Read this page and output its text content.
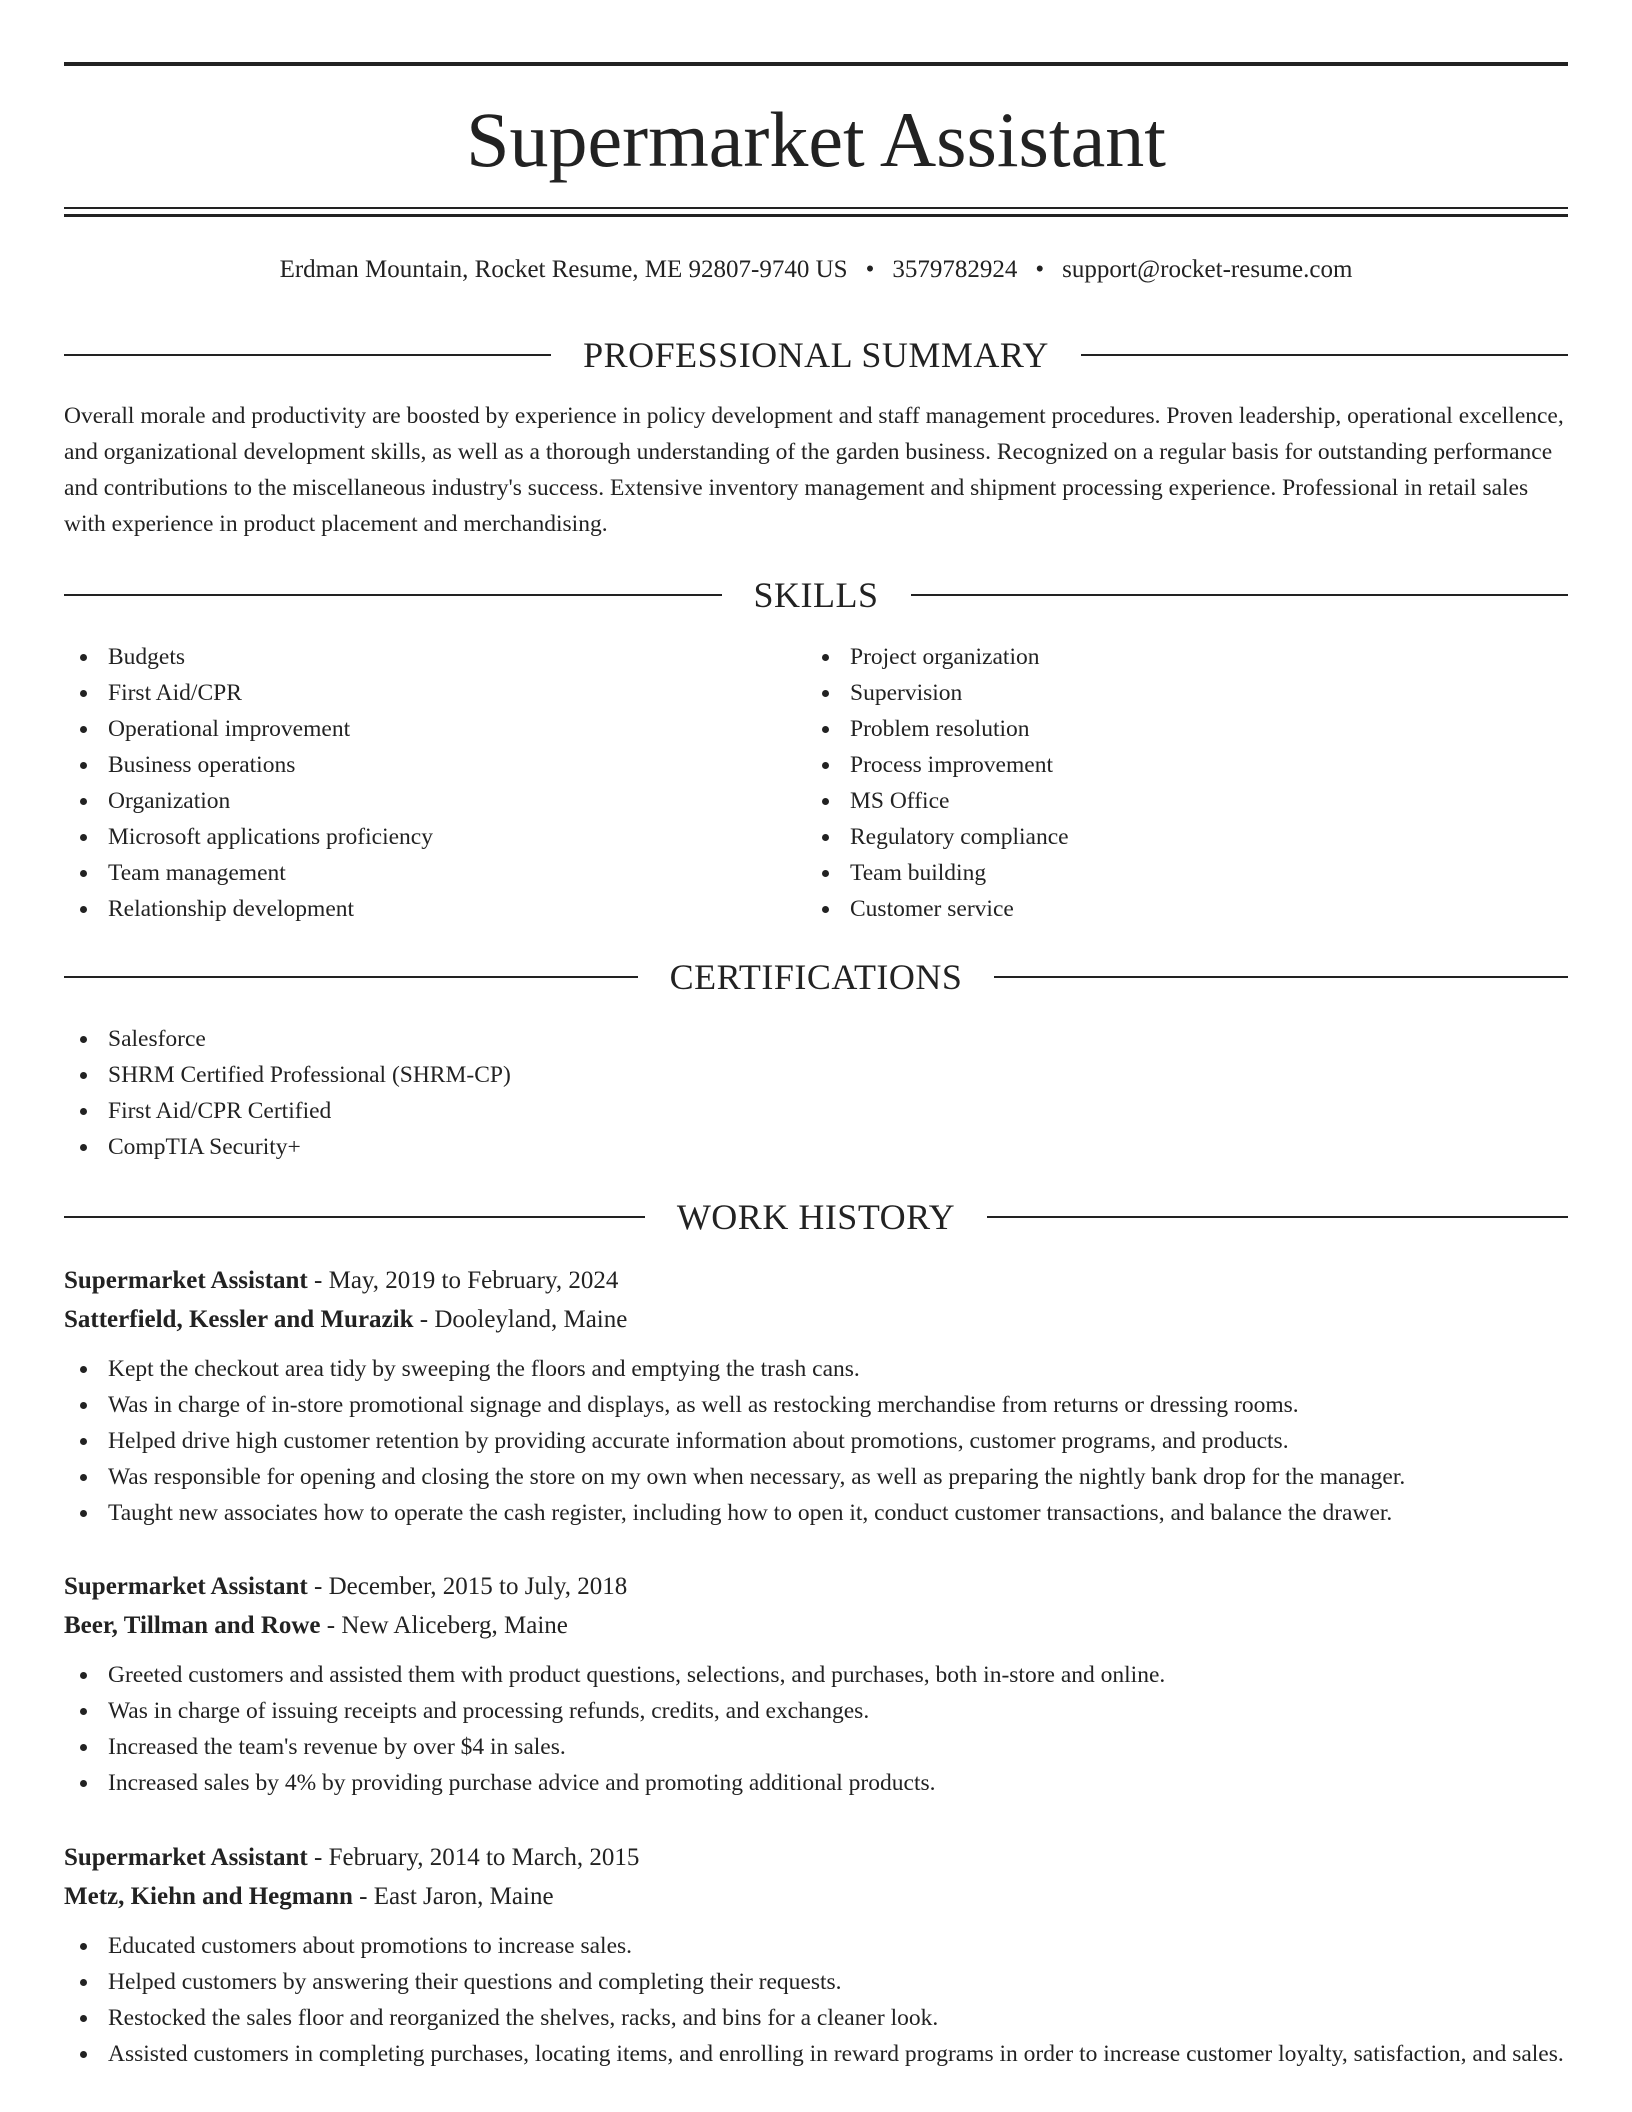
Supermarket Assistant
Erdman Mountain, Rocket Resume, ME 92807-9740 US • 3579782924 • support@rocket-resume.com
PROFESSIONAL SUMMARY

Overall morale and productivity are boosted by experience in policy development and staff management procedures. Proven leadership, operational excellence, and organizational development skills, as well as a thorough understanding of the garden business. Recognized on a regular basis for outstanding performance and contributions to the miscellaneous industry's success. Extensive inventory management and shipment processing experience. Professional in retail sales with experience in product placement and merchandising.

SKILLS
Budgets
First Aid/CPR
Operational improvement
Business operations
Organization
Microsoft applications proficiency
Team management
Relationship development
Project organization
Supervision
Problem resolution
Process improvement
MS Office
Regulatory compliance
Team building
Customer service
CERTIFICATIONS
Salesforce
SHRM Certified Professional (SHRM-CP)
First Aid/CPR Certified
CompTIA Security+
WORK HISTORY
Supermarket Assistant - May, 2019 to February, 2024
Satterfield, Kessler and Murazik - Dooleyland, Maine
Kept the checkout area tidy by sweeping the floors and emptying the trash cans.
Was in charge of in-store promotional signage and displays, as well as restocking merchandise from returns or dressing rooms.
Helped drive high customer retention by providing accurate information about promotions, customer programs, and products.
Was responsible for opening and closing the store on my own when necessary, as well as preparing the nightly bank drop for the manager.
Taught new associates how to operate the cash register, including how to open it, conduct customer transactions, and balance the drawer.
Supermarket Assistant - December, 2015 to July, 2018
Beer, Tillman and Rowe - New Aliceberg, Maine
Greeted customers and assisted them with product questions, selections, and purchases, both in-store and online.
Was in charge of issuing receipts and processing refunds, credits, and exchanges.
Increased the team's revenue by over $4 in sales.
Increased sales by 4% by providing purchase advice and promoting additional products.
Supermarket Assistant - February, 2014 to March, 2015
Metz, Kiehn and Hegmann - East Jaron, Maine
Educated customers about promotions to increase sales.
Helped customers by answering their questions and completing their requests.
Restocked the sales floor and reorganized the shelves, racks, and bins for a cleaner look.
Assisted customers in completing purchases, locating items, and enrolling in reward programs in order to increase customer loyalty, satisfaction, and sales.
